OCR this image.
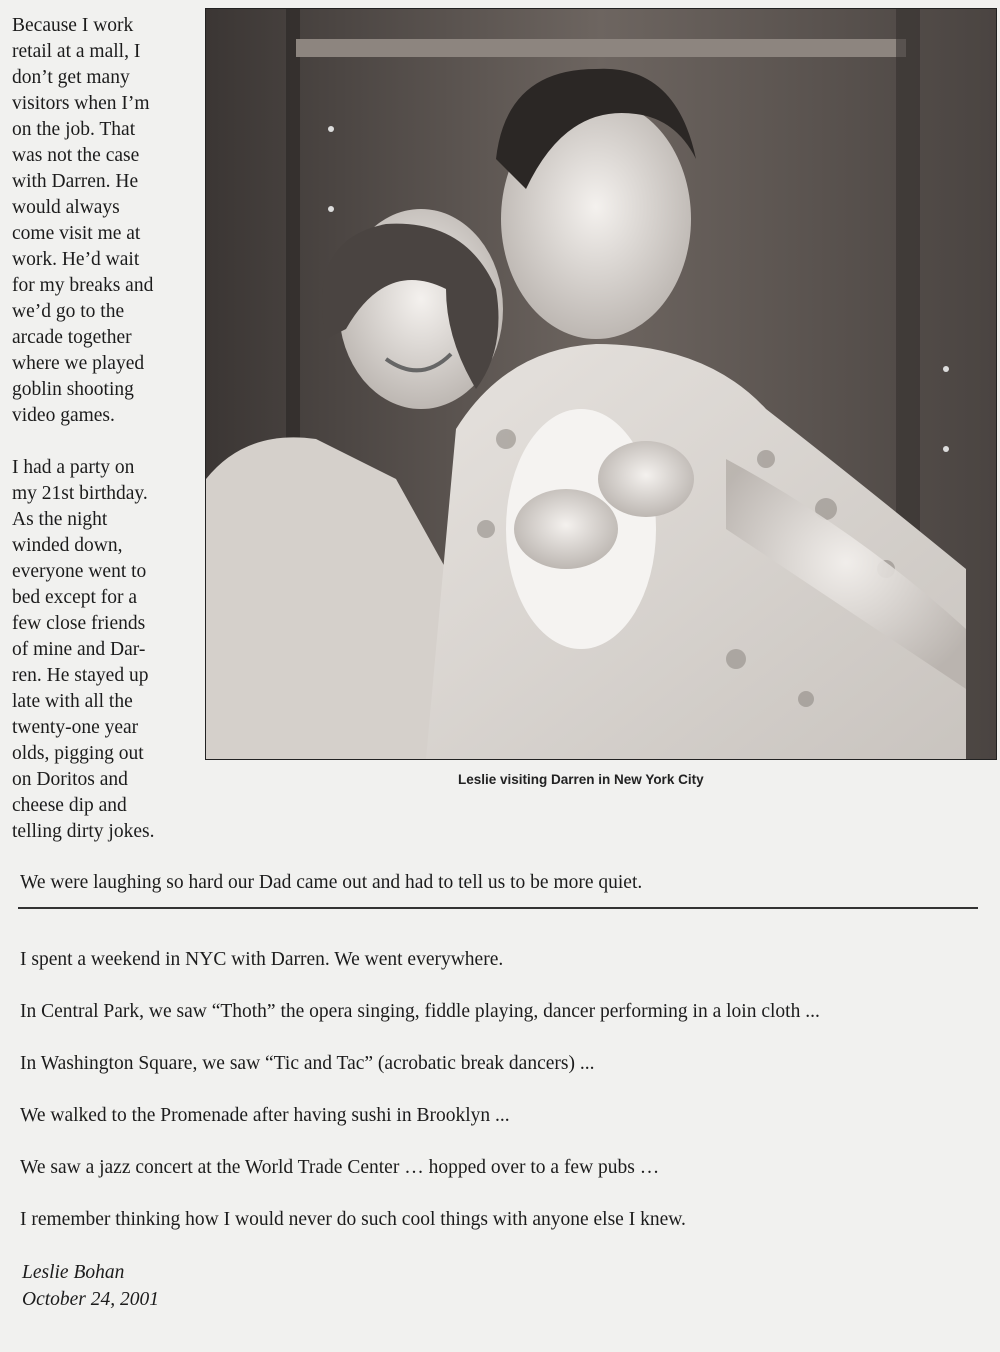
Because I work
retail at a mall, I
don’t get many
visitors when I’m
on the job. That
was not the case
with Darren. He
would always
come visit me at
work. He’d wait
for my breaks and
we’d go to the
arcade together
where we played
goblin shooting
video games.

I had a party on
my 21st birthday.
As the night
winded down,
everyone went to
bed except for a
few close friends
of mine and Dar-
ren. He stayed up
late with all the
twenty-one year
olds, pigging out
on Doritos and
cheese dip and
telling dirty jokes.

Leslie visiting Darren in New York City
We were laughing so hard our Dad came out and had to tell us to be more quiet.
I spent a weekend in NYC with Darren. We went everywhere.
In Central Park, we saw “Thoth” the opera singing, fiddle playing, dancer performing in a loin cloth ...
In Washington Square, we saw “Tic and Tac” (acrobatic break dancers) ...
We walked to the Promenade after having sushi in Brooklyn ...
We saw a jazz concert at the World Trade Center … hopped over to a few pubs …
I remember thinking how I would never do such cool things with anyone else I knew.
Leslie Bohan
October 24, 2001
